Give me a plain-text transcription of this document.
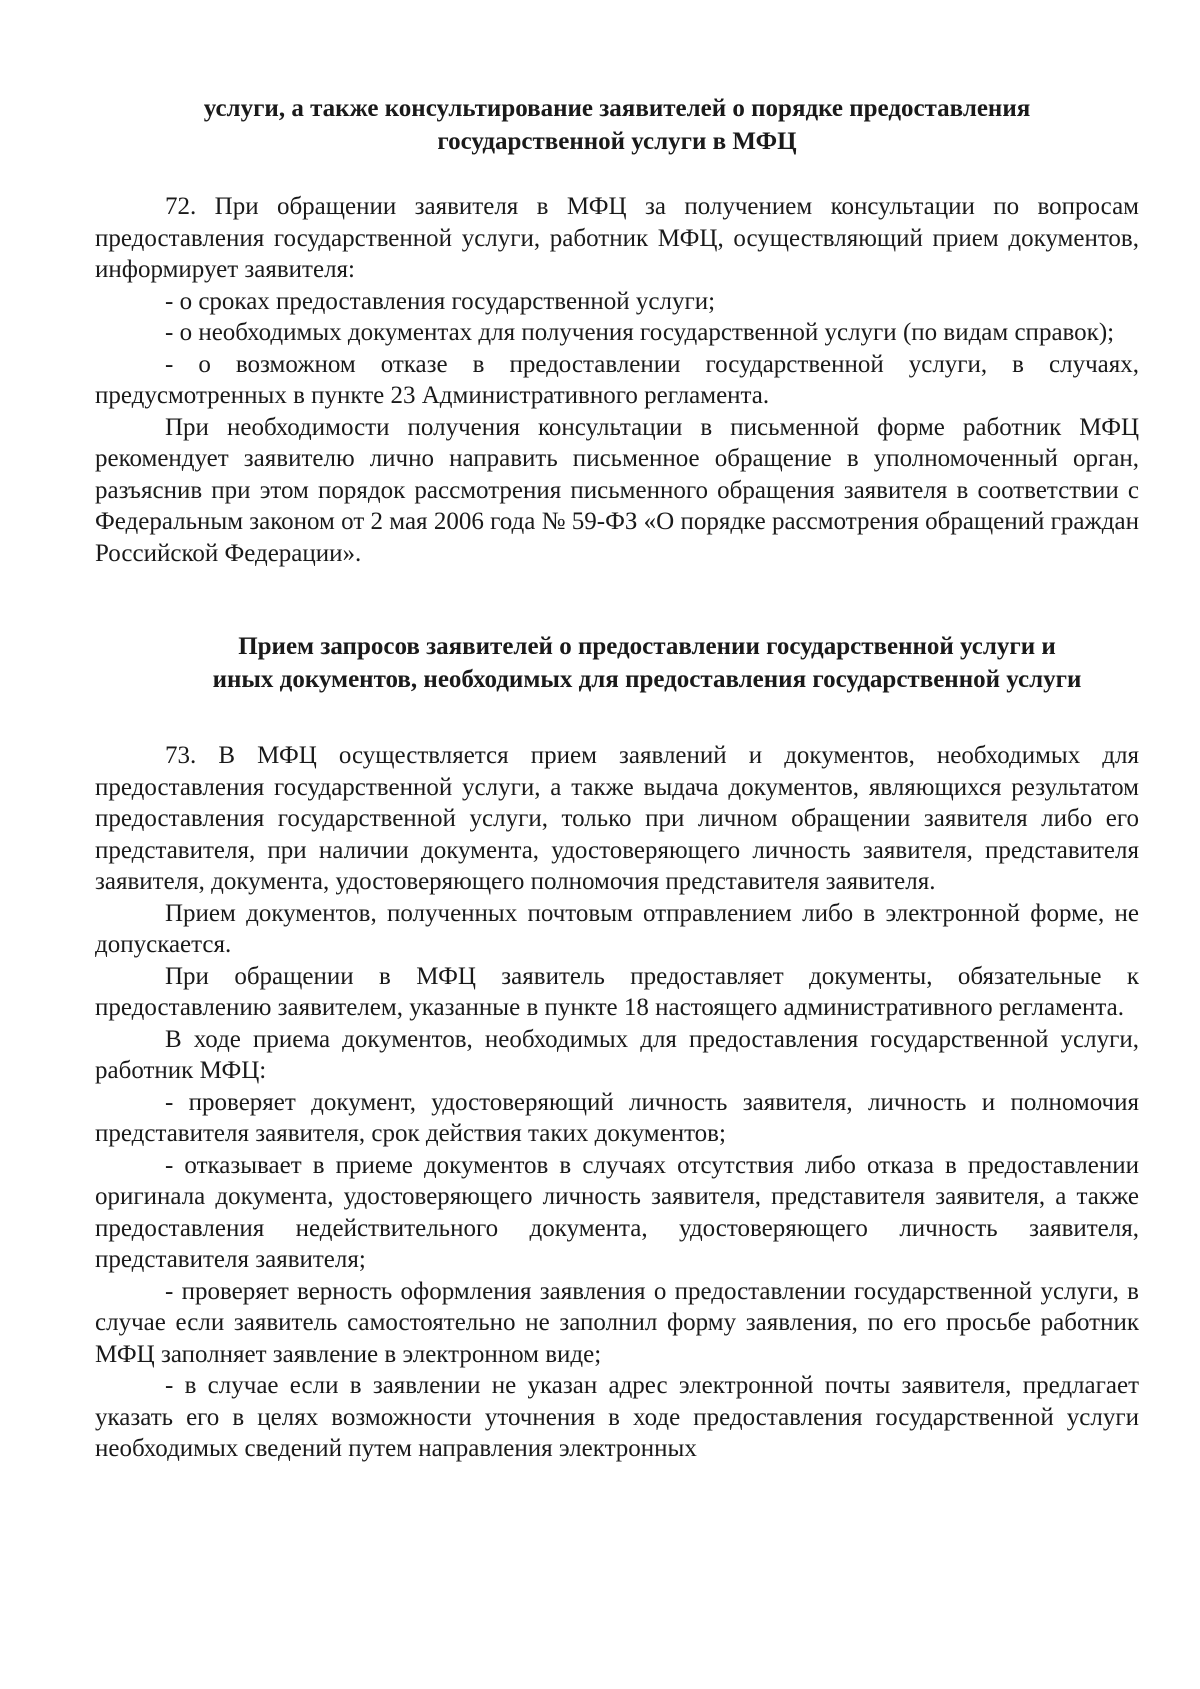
услуги, а также консультирование заявителей о порядке предоставления
государственной услуги в МФЦ

72. При обращении заявителя в МФЦ за получением консультации по вопросам предоставления государственной услуги, работник МФЦ, осуществляющий прием документов, информирует заявителя:

- о сроках предоставления государственной услуги;

- о необходимых документах для получения государственной услуги (по видам справок);

- о возможном отказе в предоставлении государственной услуги, в случаях, предусмотренных в пункте 23 Административного регламента.

При необходимости получения консультации в письменной форме работник МФЦ рекомендует заявителю лично направить письменное обращение в уполномоченный орган, разъяснив при этом порядок рассмотрения письменного обращения заявителя в соответствии с Федеральным законом от 2 мая 2006 года № 59-ФЗ «О порядке рассмотрения обращений граждан Российской Федерации».

Прием запросов заявителей о предоставлении государственной услуги и
иных документов, необходимых для предоставления государственной услуги

73. В МФЦ осуществляется прием заявлений и документов, необходимых для предоставления государственной услуги, а также выдача документов, являющихся результатом предоставления государственной услуги, только при личном обращении заявителя либо его представителя, при наличии документа, удостоверяющего личность заявителя, представителя заявителя, документа, удостоверяющего полномочия представителя заявителя.

Прием документов, полученных почтовым отправлением либо в электронной форме, не допускается.

При обращении в МФЦ заявитель предоставляет документы, обязательные к предоставлению заявителем, указанные в пункте 18 настоящего административного регламента.

В ходе приема документов, необходимых для предоставления государственной услуги, работник МФЦ:

- проверяет документ, удостоверяющий личность заявителя, личность и полномочия представителя заявителя, срок действия таких документов;

- отказывает в приеме документов в случаях отсутствия либо отказа в предоставлении оригинала документа, удостоверяющего личность заявителя, представителя заявителя, а также предоставления недействительного документа, удостоверяющего личность заявителя, представителя заявителя;

- проверяет верность оформления заявления о предоставлении государственной услуги, в случае если заявитель самостоятельно не заполнил форму заявления, по его просьбе работник МФЦ заполняет заявление в электронном виде;

- в случае если в заявлении не указан адрес электронной почты заявителя, предлагает указать его в целях возможности уточнения в ходе предоставления государственной услуги необходимых сведений путем направления электронных
